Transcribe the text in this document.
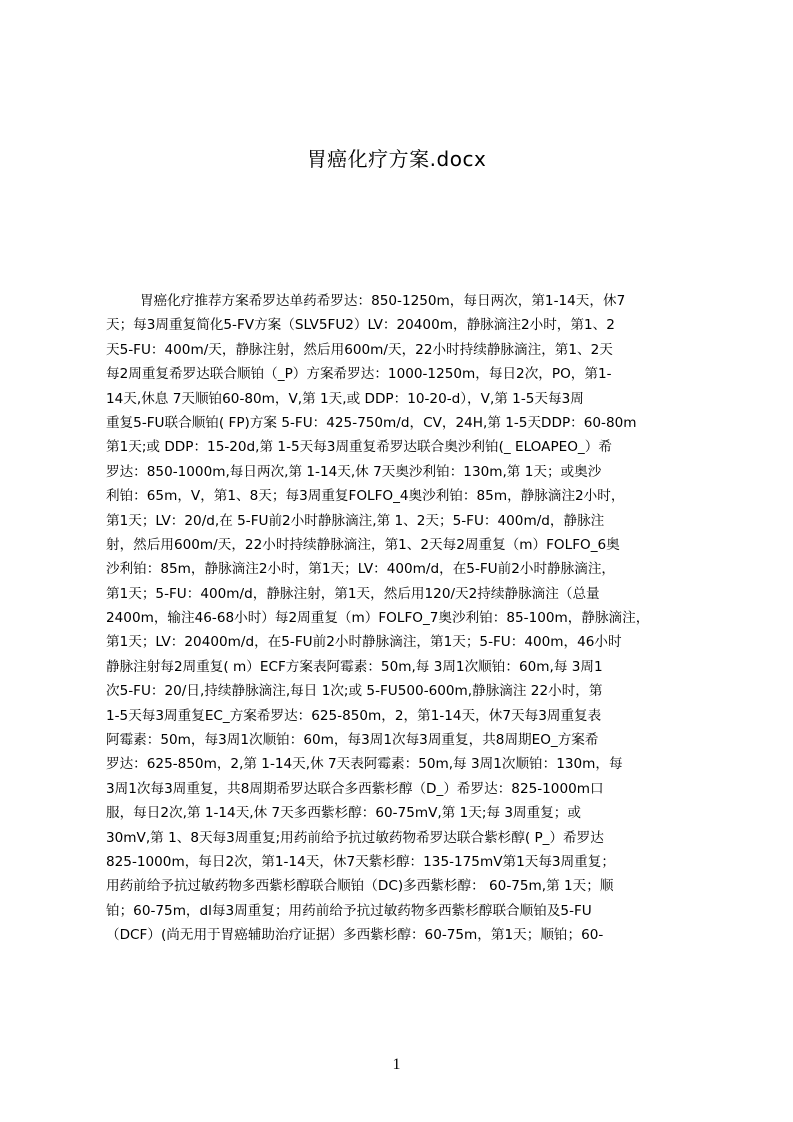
胃癌化疗方案.docx
胃癌化疗推荐方案希罗达单药希罗达：850-1250m，每日两次，第1-14天，休7
天；每3周重复简化5-FV方案（SLV5FU2）LV：20400m，静脉滴注2小时，第1、2
天5-FU：400m/天，静脉注射，然后用600m/天，22小时持续静脉滴注，第1、2天
每2周重复希罗达联合顺铂（_P）方案希罗达：1000-1250m，每日2次，PO，第1-
14天,休息 7天顺铂60-80m，V,第 1天,或 DDP：10-20-d），V,第 1-5天每3周
重复5-FU联合顺铂( FP)方案 5-FU：425-750m/d，CV，24H,第 1-5天DDP：60-80m
第1天;或 DDP：15-20d,第 1-5天每3周重复希罗达联合奥沙利铂(_ ELOAPEO_）希
罗达：850-1000m,每日两次,第 1-14天,休 7天奥沙利铂：130m,第 1天；或奥沙
利铂：65m，V，第1、8天；每3周重复FOLFO_4奥沙利铂：85m，静脉滴注2小时，
第1天；LV：20/d,在 5-FU前2小时静脉滴注,第 1、2天；5-FU：400m/d，静脉注
射，然后用600m/天，22小时持续静脉滴注，第1、2天每2周重复（m）FOLFO_6奥
沙利铂：85m，静脉滴注2小时，第1天；LV：400m/d，在5-FU前2小时静脉滴注，
第1天；5-FU：400m/d，静脉注射，第1天，然后用120/天2持续静脉滴注（总量
2400m，输注46-68小时）每2周重复（m）FOLFO_7奥沙利铂：85-100m，静脉滴注，
第1天；LV：20400m/d，在5-FU前2小时静脉滴注，第1天；5-FU：400m，46小时
静脉注射每2周重复( m）ECF方案表阿霉素：50m,每 3周1次顺铂：60m,每 3周1
次5-FU：20/日,持续静脉滴注,每日 1次;或 5-FU500-600m,静脉滴注 22小时，第
1-5天每3周重复EC_方案希罗达：625-850m，2，第1-14天，休7天每3周重复表
阿霉素：50m，每3周1次顺铂：60m，每3周1次每3周重复，共8周期EO_方案希
罗达：625-850m，2,第 1-14天,休 7天表阿霉素：50m,每 3周1次顺铂：130m，每
3周1次每3周重复，共8周期希罗达联合多西紫杉醇（D_）希罗达：825-1000m口
服，每日2次,第 1-14天,休 7天多西紫杉醇：60-75mV,第 1天;每 3周重复；或
30mV,第 1、8天每3周重复;用药前给予抗过敏药物希罗达联合紫杉醇( P_）希罗达
825-1000m，每日2次，第1-14天，休7天紫杉醇：135-175mV第1天每3周重复；
用药前给予抗过敏药物多西紫杉醇联合顺铂（DC)多西紫杉醇： 60-75m,第 1天；顺
铂；60-75m，dl每3周重复；用药前给予抗过敏药物多西紫杉醇联合顺铂及5-FU
（DCF）(尚无用于胃癌辅助治疗证据）多西紫杉醇：60-75m，第1天；顺铂；60-
1
